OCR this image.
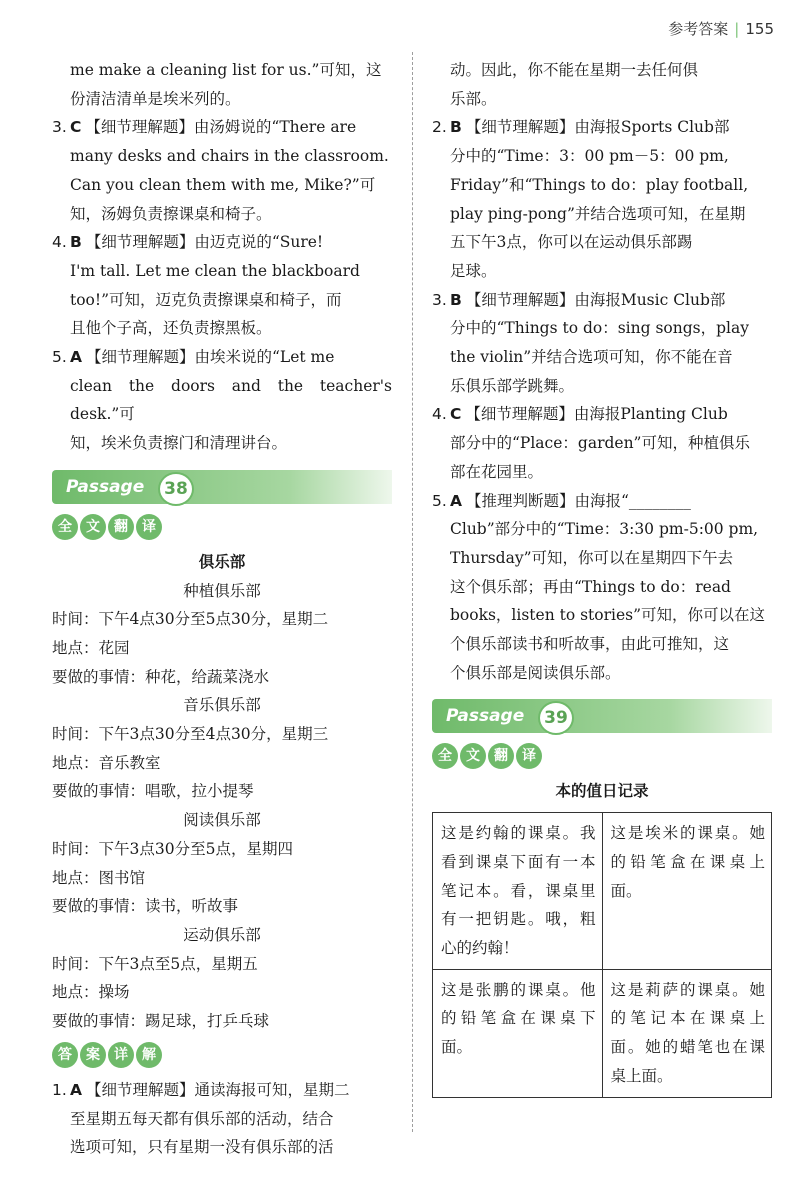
参考答案 | 155
me make a cleaning list for us.”可知，这
份清洁清单是埃米列的。
3. C 【细节理解题】由汤姆说的“There are
many desks and chairs in the classroom.
Can you clean them with me, Mike?”可
知，汤姆负责擦课桌和椅子。
4. B 【细节理解题】由迈克说的“Sure!
I'm tall. Let me clean the blackboard
too!”可知，迈克负责擦课桌和椅子，而
且他个子高，还负责擦黑板。
5. A 【细节理解题】由埃米说的“Let me
clean the doors and the teacher's desk.”可
知，埃米负责擦门和清理讲台。
Passage	38
全	文	翻	译
俱乐部
种植俱乐部
时间：下午4点30分至5点30分，星期二
地点：花园
要做的事情：种花，给蔬菜浇水
音乐俱乐部
时间：下午3点30分至4点30分，星期三
地点：音乐教室
要做的事情：唱歌，拉小提琴
阅读俱乐部
时间：下午3点30分至5点，星期四
地点：图书馆
要做的事情：读书，听故事
运动俱乐部
时间：下午3点至5点，星期五
地点：操场
要做的事情：踢足球，打乒乓球
答	案	详	解
1. A 【细节理解题】通读海报可知，星期二
至星期五每天都有俱乐部的活动，结合
选项可知，只有星期一没有俱乐部的活
动。因此，你不能在星期一去任何俱
乐部。
2. B 【细节理解题】由海报Sports Club部
分中的“Time：3：00 pm－5：00 pm,
Friday”和“Things to do：play football,
play ping-pong”并结合选项可知，在星期
五下午3点，你可以在运动俱乐部踢
足球。
3. B 【细节理解题】由海报Music Club部
分中的“Things to do：sing songs，play
the violin”并结合选项可知，你不能在音
乐俱乐部学跳舞。
4. C 【细节理解题】由海报Planting Club
部分中的“Place：garden”可知，种植俱乐
部在花园里。
5. A 【推理判断题】由海报“________
Club”部分中的“Time：3:30 pm-5:00 pm,
Thursday”可知，你可以在星期四下午去
这个俱乐部；再由“Things to do：read
books，listen to stories”可知，你可以在这
个俱乐部读书和听故事，由此可推知，这
个俱乐部是阅读俱乐部。
Passage	39
全	文	翻	译
本的值日记录
这是约翰的课桌。我看到课桌下面有一本笔记本。看，课桌里有一把钥匙。哦，粗心的约翰！	这是埃米的课桌。她的铅笔盒在课桌上面。
这是张鹏的课桌。他的铅笔盒在课桌下面。	这是莉萨的课桌。她的笔记本在课桌上面。她的蜡笔也在课桌上面。
